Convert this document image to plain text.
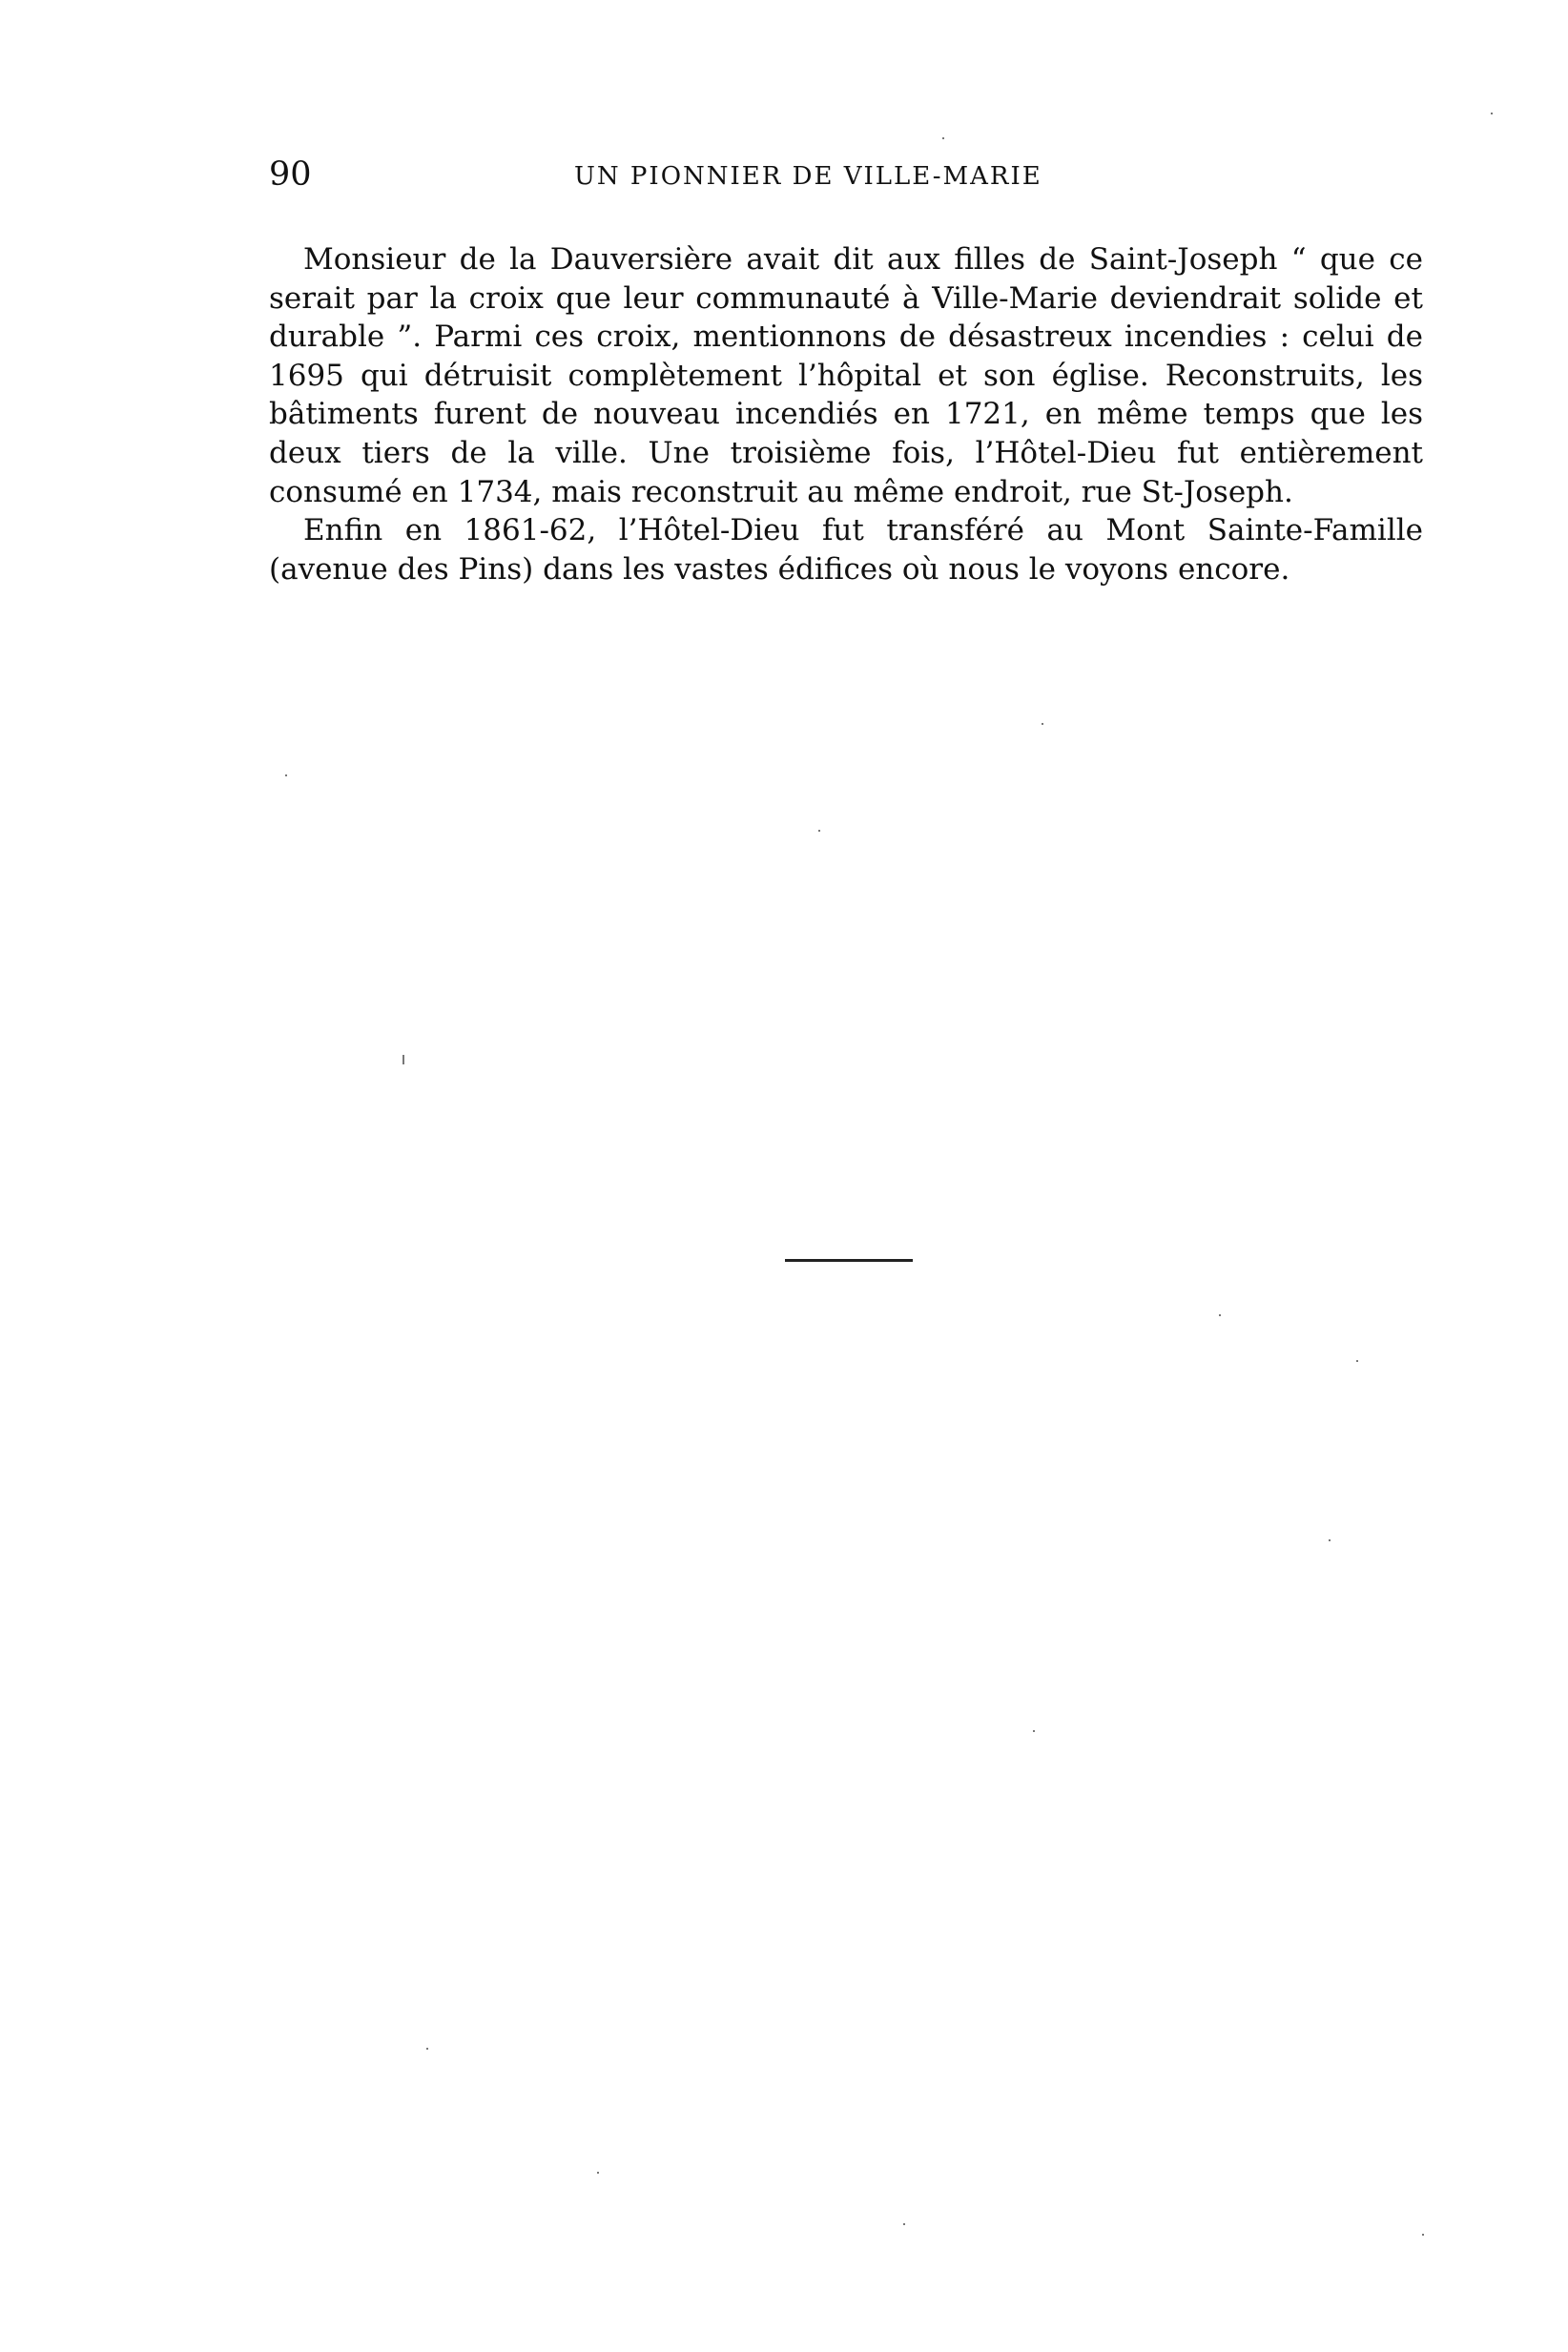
90	UN PIONNIER DE VILLE-MARIE

Monsieur de la Dauversière avait dit aux filles de Saint-Joseph “ que ce serait par la croix que leur communauté à Ville-Marie deviendrait solide et durable ”. Parmi ces croix, mentionnons de désastreux incendies : celui de 1695 qui détruisit complètement l’hôpital et son église. Reconstruits, les bâtiments furent de nouveau incendiés en 1721, en même temps que les deux tiers de la ville. Une troisième fois, l’Hôtel-Dieu fut entièrement consumé en 1734, mais reconstruit au même endroit, rue St-Joseph.

Enfin en 1861-62, l’Hôtel-Dieu fut transféré au Mont Sainte-Famille (avenue des Pins) dans les vastes édifices où nous le voyons encore.
